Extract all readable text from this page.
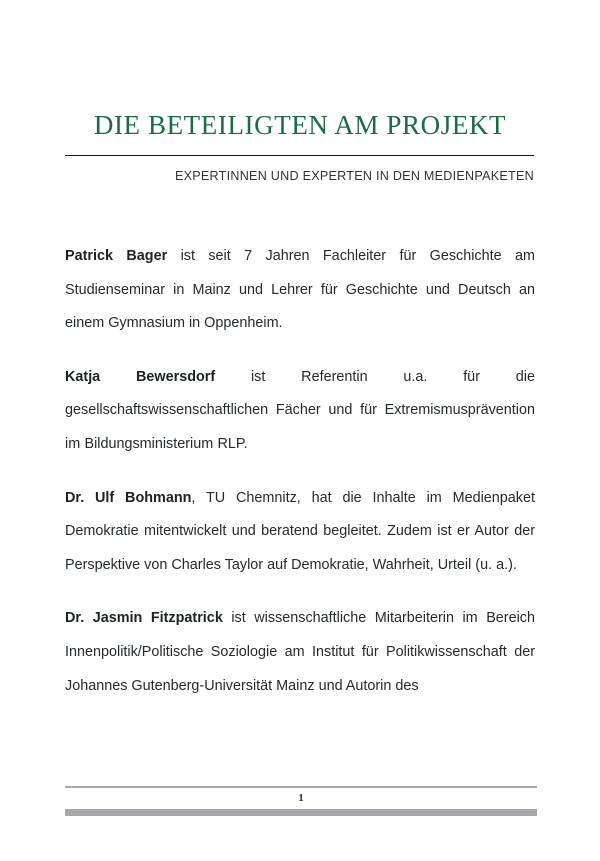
DIE BETEILIGTEN AM PROJEKT
EXPERTINNEN UND EXPERTEN IN DEN MEDIENPAKETEN

Patrick Bager ist seit 7 Jahren Fachleiter für Geschichte am Studienseminar in Mainz und Lehrer für Geschichte und Deutsch an einem Gymnasium in Oppenheim.

Katja Bewersdorf ist Referentin u.a. für die gesellschaftswissenschaftlichen Fächer und für Extremismusprävention im Bildungsministerium RLP.

Dr. Ulf Bohmann, TU Chemnitz, hat die Inhalte im Medienpaket Demokratie mitentwickelt und beratend begleitet. Zudem ist er Autor der Perspektive von Charles Taylor auf Demokratie, Wahrheit, Urteil (u. a.).

Dr. Jasmin Fitzpatrick ist wissenschaftliche Mitarbeiterin im Bereich Innenpolitik/Politische Soziologie am Institut für Politikwissenschaft der Johannes Gutenberg-Universität Mainz und Autorin des

1
